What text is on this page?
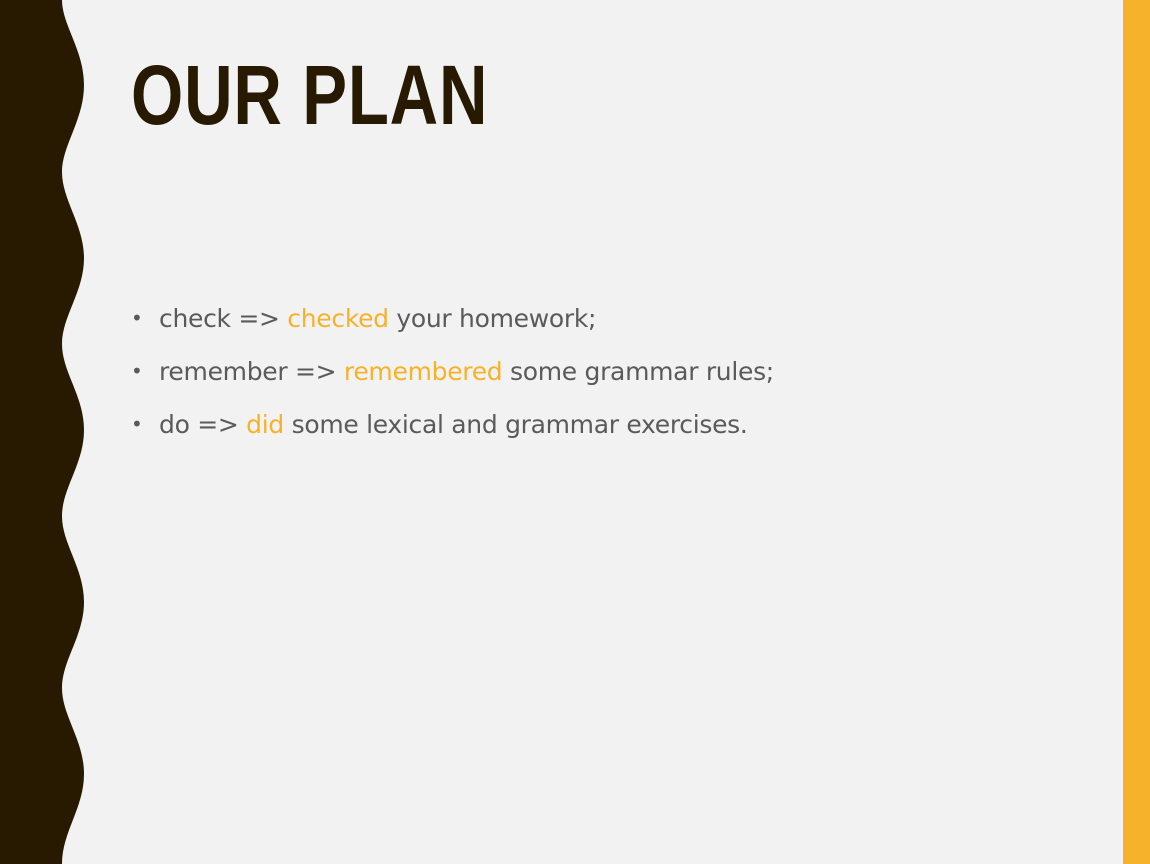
OUR PLAN
• check => checked your homework;
• remember => remembered some grammar rules;
• do => did some lexical and grammar exercises.
